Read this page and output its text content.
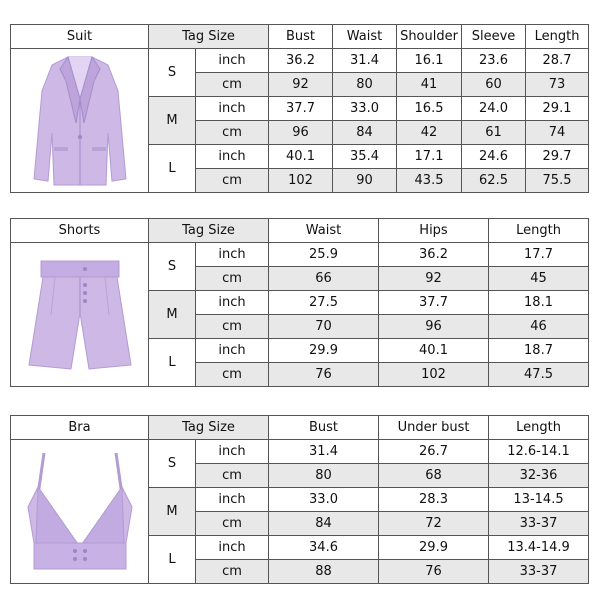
Suit	Tag Size		Bust	Waist	Shoulder	Sleeve	Length

	S	inch	36.2	31.4	16.1	23.6	28.7
		cm	92	80	41	60	73
	M	inch	37.7	33.0	16.5	24.0	29.1
		cm	96	84	42	61	74
	L	inch	40.1	35.4	17.1	24.6	29.7
		cm	102	90	43.5	62.5	75.5
Shorts	Tag Size		Waist	Hips	Length

	S	inch	25.9	36.2	17.7
		cm	66	92	45
	M	inch	27.5	37.7	18.1
		cm	70	96	46
	L	inch	29.9	40.1	18.7
		cm	76	102	47.5
Bra	Tag Size		Bust	Under bust	Length

	S	inch	31.4	26.7	12.6-14.1
		cm	80	68	32-36
	M	inch	33.0	28.3	13-14.5
		cm	84	72	33-37
	L	inch	34.6	29.9	13.4-14.9
		cm	88	76	33-37
